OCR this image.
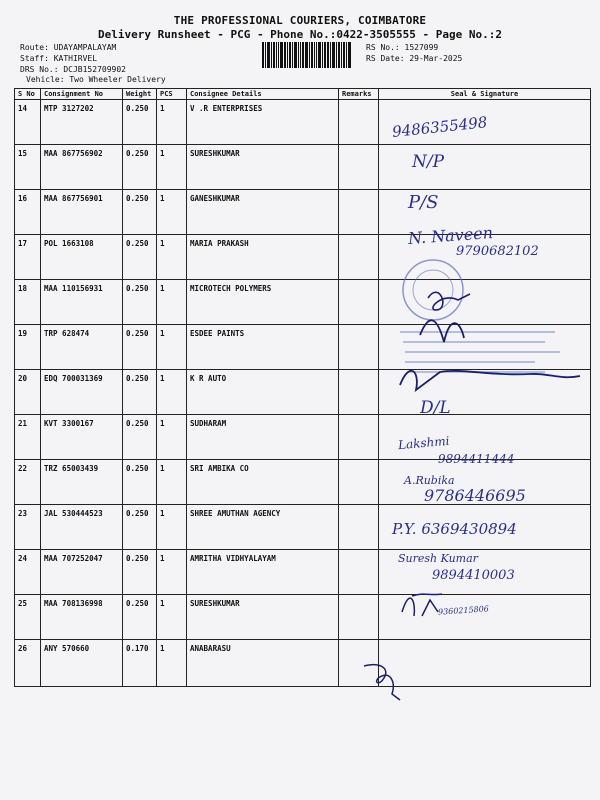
THE PROFESSIONAL COURIERS, COIMBATORE
Delivery Runsheet - PCG - Phone No.:0422-3505555 - Page No.:2
Route: UDAYAMPALAYAM
Staff: KATHIRVEL
DRS No.: DCJB152709902
Vehicle: Two Wheeler Delivery
RS No.: 1527099
RS Date: 29-Mar-2025
S No	Consignment No	Weight	PCS	Consignee Details	Remarks	Seal & Signature
14	MTP 3127202	0.250	1	V .R ENTERPRISES		
15	MAA 867756902	0.250	1	SURESHKUMAR		
16	MAA 867756901	0.250	1	GANESHKUMAR		
17	POL 1663108	0.250	1	MARIA PRAKASH		
18	MAA 110156931	0.250	1	MICROTECH POLYMERS		
19	TRP 628474	0.250	1	ESDEE PAINTS		
20	EDQ 700031369	0.250	1	K R AUTO		
21	KVT 3300167	0.250	1	SUDHARAM		
22	TRZ 65003439	0.250	1	SRI AMBIKA CO		
23	JAL 530444523	0.250	1	SHREE AMUTHAN AGENCY		
24	MAA 707252047	0.250	1	AMRITHA VIDHYALAYAM		
25	MAA 708136998	0.250	1	SURESHKUMAR		
26	ANY 570660	0.170	1	ANABARASU		
9486355498
N/P
P/S
N. Naveen
9790682102
D/L
Lakshmi
9894411444
A.Rubika
9786446695
P.Y. 6369430894
Suresh Kumar
9894410003
9360215806
